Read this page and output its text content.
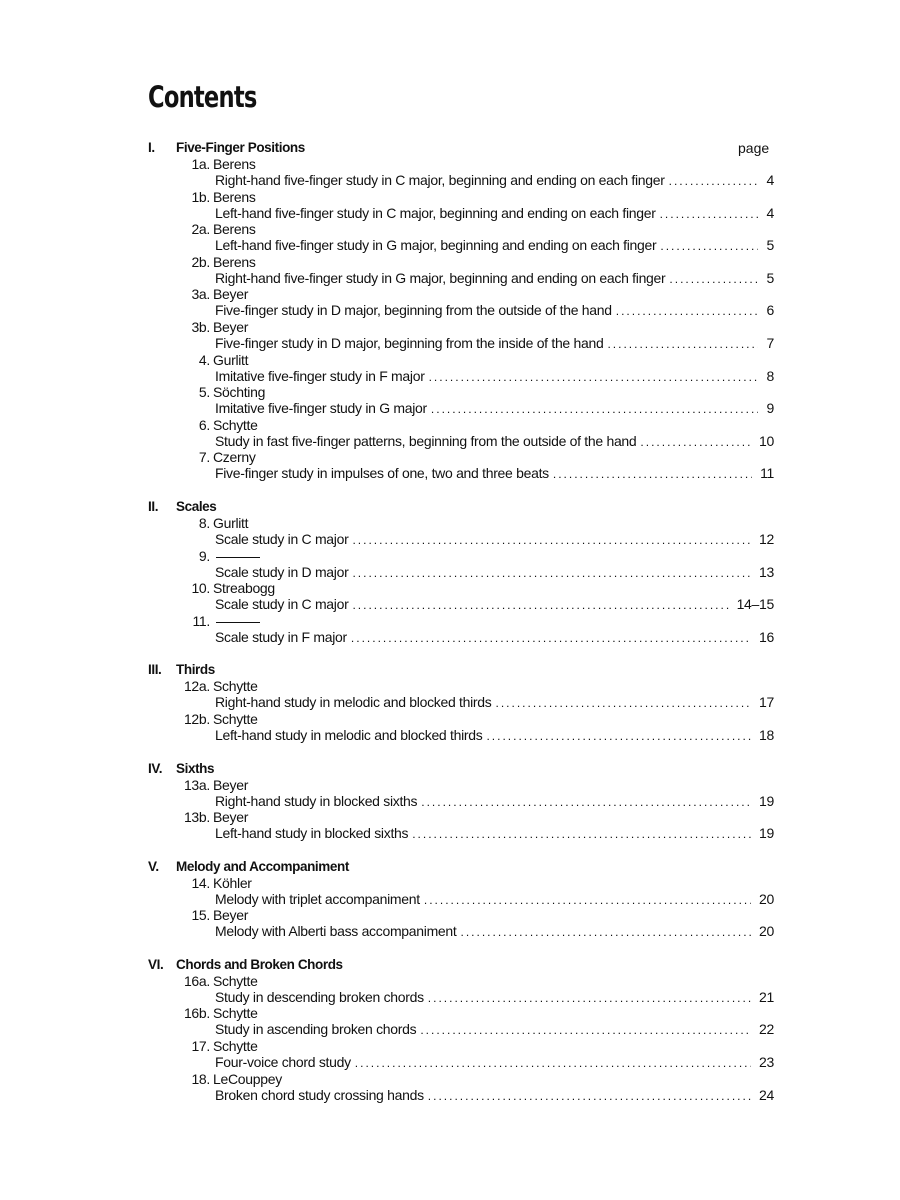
Contents
I. Five-Finger Positions	page
1a. Berens
Right-hand five-finger study in C major, beginning and ending on each finger .....	4
1b. Berens
Left-hand five-finger study in C major, beginning and ending on each finger .....	4
2a. Berens
Left-hand five-finger study in G major, beginning and ending on each finger .....	5
2b. Berens
Right-hand five-finger study in G major, beginning and ending on each finger .....	5
3a. Beyer
Five-finger study in D major, beginning from the outside of the hand .....	6
3b. Beyer
Five-finger study in D major, beginning from the inside of the hand .....	7
4. Gurlitt
Imitative five-finger study in F major .....	8
5. Söchting
Imitative five-finger study in G major .....	9
6. Schytte
Study in fast five-finger patterns, beginning from the outside of the hand .....	10
7. Czerny
Five-finger study in impulses of one, two and three beats .....	11
II. Scales
8. Gurlitt
Scale study in C major .....	12
9.
Scale study in D major .....	13
10. Streabogg
Scale study in C major .....	14–15
11.
Scale study in F major .....	16
III. Thirds
12a. Schytte
Right-hand study in melodic and blocked thirds .....	17
12b. Schytte
Left-hand study in melodic and blocked thirds .....	18
IV. Sixths
13a. Beyer
Right-hand study in blocked sixths .....	19
13b. Beyer
Left-hand study in blocked sixths .....	19
V. Melody and Accompaniment
14. Köhler
Melody with triplet accompaniment .....	20
15. Beyer
Melody with Alberti bass accompaniment .....	20
VI. Chords and Broken Chords
16a. Schytte
Study in descending broken chords .....	21
16b. Schytte
Study in ascending broken chords .....	22
17. Schytte
Four-voice chord study .....	23
18. LeCouppey
Broken chord study crossing hands .....	24
